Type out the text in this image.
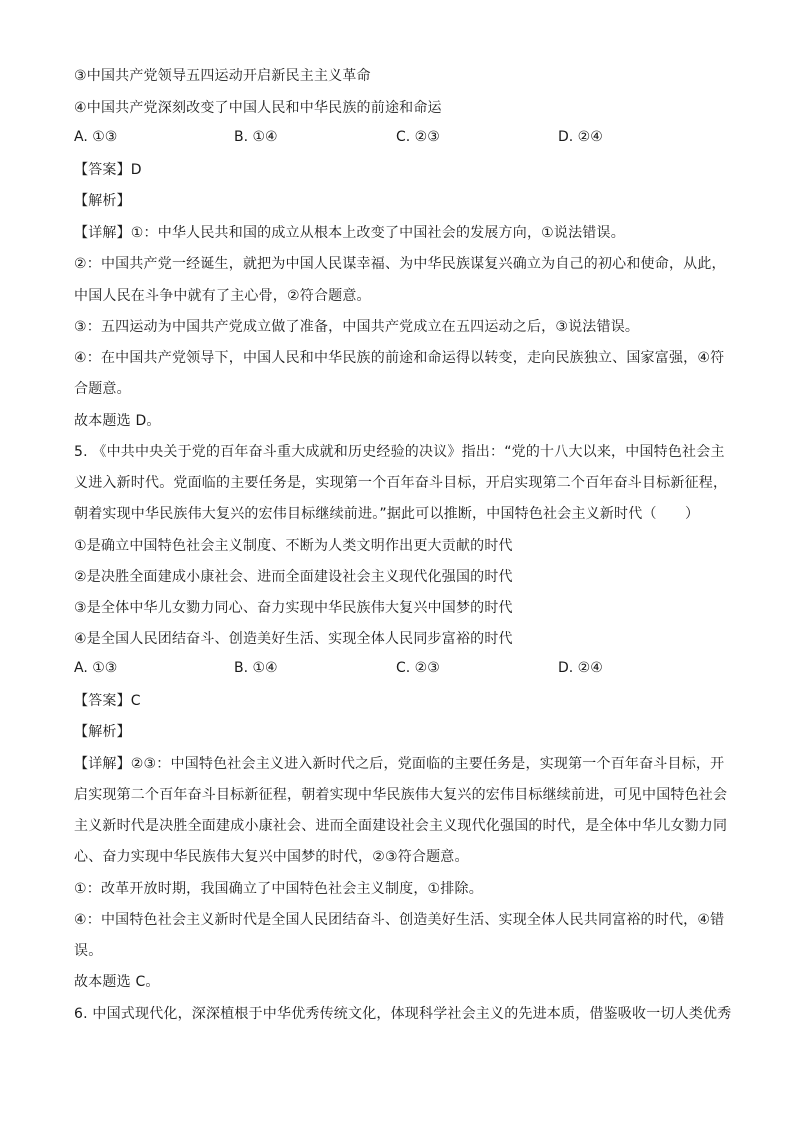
③中国共产党领导五四运动开启新民主主义革命
④中国共产党深刻改变了中国人民和中华民族的前途和命运
A. ①③	B. ①④	C. ②③	D. ②④
【答案】D
【解析】
【详解】①：中华人民共和国的成立从根本上改变了中国社会的发展方向，①说法错误。
②：中国共产党一经诞生，就把为中国人民谋幸福、为中华民族谋复兴确立为自己的初心和使命，从此，
中国人民在斗争中就有了主心骨，②符合题意。
③：五四运动为中国共产党成立做了准备，中国共产党成立在五四运动之后，③说法错误。
④：在中国共产党领导下，中国人民和中华民族的前途和命运得以转变，走向民族独立、国家富强，④符
合题意。
故本题选 D。
5. 《中共中央关于党的百年奋斗重大成就和历史经验的决议》指出：“党的十八大以来，中国特色社会主
义进入新时代。党面临的主要任务是，实现第一个百年奋斗目标，开启实现第二个百年奋斗目标新征程，
朝着实现中华民族伟大复兴的宏伟目标继续前进。”据此可以推断，中国特色社会主义新时代（　　）
①是确立中国特色社会主义制度、不断为人类文明作出更大贡献的时代
②是决胜全面建成小康社会、进而全面建设社会主义现代化强国的时代
③是全体中华儿女勠力同心、奋力实现中华民族伟大复兴中国梦的时代
④是全国人民团结奋斗、创造美好生活、实现全体人民同步富裕的时代
A. ①③	B. ①④	C. ②③	D. ②④
【答案】C
【解析】
【详解】②③：中国特色社会主义进入新时代之后，党面临的主要任务是，实现第一个百年奋斗目标，开
启实现第二个百年奋斗目标新征程，朝着实现中华民族伟大复兴的宏伟目标继续前进，可见中国特色社会
主义新时代是决胜全面建成小康社会、进而全面建设社会主义现代化强国的时代，是全体中华儿女勠力同
心、奋力实现中华民族伟大复兴中国梦的时代，②③符合题意。
①：改革开放时期，我国确立了中国特色社会主义制度，①排除。
④：中国特色社会主义新时代是全国人民团结奋斗、创造美好生活、实现全体人民共同富裕的时代，④错
误。
故本题选 C。
6. 中国式现代化，深深植根于中华优秀传统文化，体现科学社会主义的先进本质，借鉴吸收一切人类优秀
